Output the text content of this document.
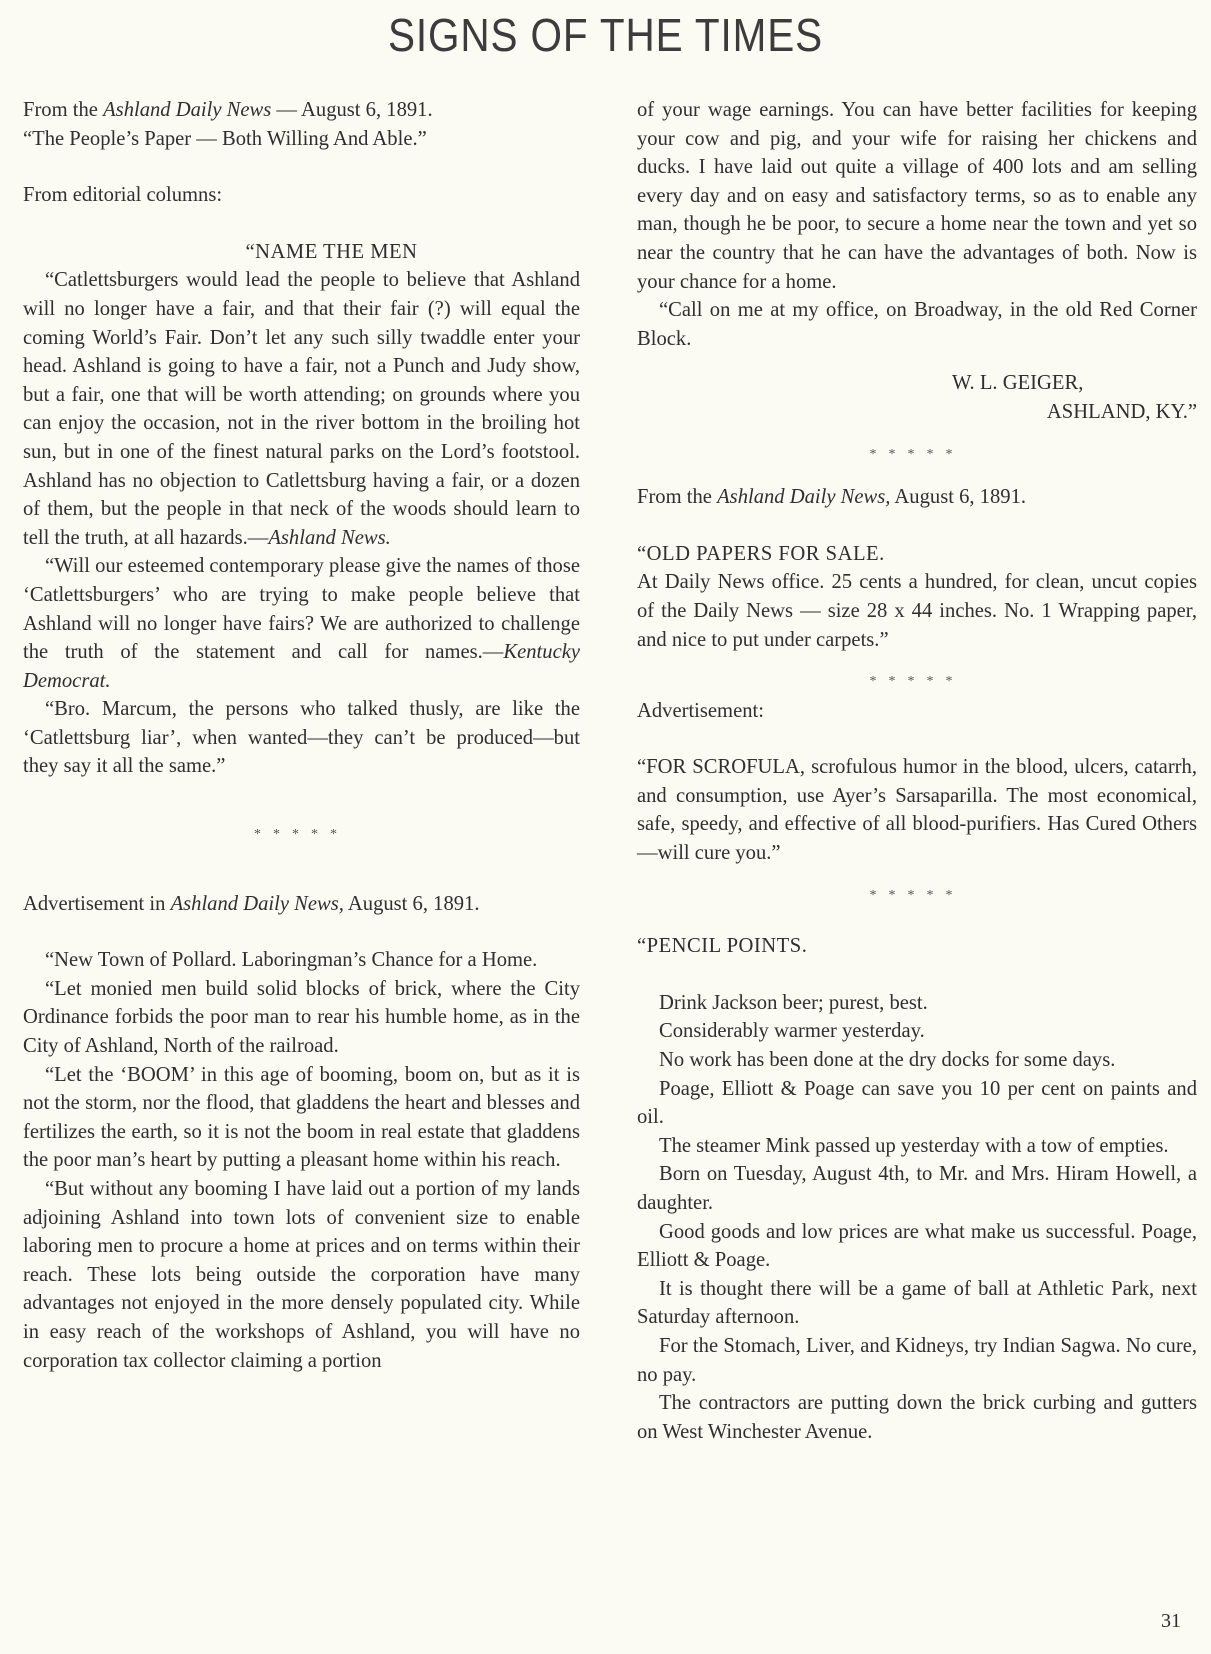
SIGNS OF THE TIMES

From the Ashland Daily News — August 6, 1891.

“The People’s Paper — Both Willing And Able.”

From editorial columns:

“NAME THE MEN

“Catlettsburgers would lead the people to believe that Ashland will no longer have a fair, and that their fair (?) will equal the coming World’s Fair. Don’t let any such silly twaddle enter your head. Ashland is going to have a fair, not a Punch and Judy show, but a fair, one that will be worth attending; on grounds where you can enjoy the occasion, not in the river bottom in the broiling hot sun, but in one of the finest natural parks on the Lord’s footstool. Ashland has no objection to Catlettsburg having a fair, or a dozen of them, but the people in that neck of the woods should learn to tell the truth, at all hazards.—Ashland News.

“Will our esteemed contemporary please give the names of those ‘Catlettsburgers’ who are trying to make people believe that Ashland will no longer have fairs? We are authorized to challenge the truth of the statement and call for names.—Kentucky Democrat.

“Bro. Marcum, the persons who talked thusly, are like the ‘Catlettsburg liar’, when wanted—they can’t be produced—but they say it all the same.”

*****

Advertisement in Ashland Daily News, August 6, 1891.

“New Town of Pollard. Laboringman’s Chance for a Home.

“Let monied men build solid blocks of brick, where the City Ordinance forbids the poor man to rear his humble home, as in the City of Ashland, North of the railroad.

“Let the ‘BOOM’ in this age of booming, boom on, but as it is not the storm, nor the flood, that gladdens the heart and blesses and fertilizes the earth, so it is not the boom in real estate that gladdens the poor man’s heart by putting a pleasant home within his reach.

“But without any booming I have laid out a portion of my lands adjoining Ashland into town lots of convenient size to enable laboring men to procure a home at prices and on terms within their reach. These lots being outside the corporation have many advantages not enjoyed in the more densely populated city. While in easy reach of the workshops of Ashland, you will have no corporation tax collector claiming a portion

of your wage earnings. You can have better facilities for keeping your cow and pig, and your wife for raising her chickens and ducks. I have laid out quite a village of 400 lots and am selling every day and on easy and satisfactory terms, so as to enable any man, though he be poor, to secure a home near the town and yet so near the country that he can have the advantages of both. Now is your chance for a home.

“Call on me at my office, on Broadway, in the old Red Corner Block.

W. L. GEIGER,

ASHLAND, KY.”

*****

From the Ashland Daily News, August 6, 1891.

“OLD PAPERS FOR SALE.

At Daily News office. 25 cents a hundred, for clean, uncut copies of the Daily News — size 28 x 44 inches. No. 1 Wrapping paper, and nice to put under carpets.”

*****

Advertisement:

“FOR SCROFULA, scrofulous humor in the blood, ulcers, catarrh, and consumption, use Ayer’s Sarsaparilla. The most economical, safe, speedy, and effective of all blood-purifiers. Has Cured Others—will cure you.”

*****

“PENCIL POINTS.

Drink Jackson beer; purest, best.

Considerably warmer yesterday.

No work has been done at the dry docks for some days.

Poage, Elliott & Poage can save you 10 per cent on paints and oil.

The steamer Mink passed up yesterday with a tow of empties.

Born on Tuesday, August 4th, to Mr. and Mrs. Hiram Howell, a daughter.

Good goods and low prices are what make us successful. Poage, Elliott & Poage.

It is thought there will be a game of ball at Athletic Park, next Saturday afternoon.

For the Stomach, Liver, and Kidneys, try Indian Sagwa. No cure, no pay.

The contractors are putting down the brick curbing and gutters on West Winchester Avenue.

31
